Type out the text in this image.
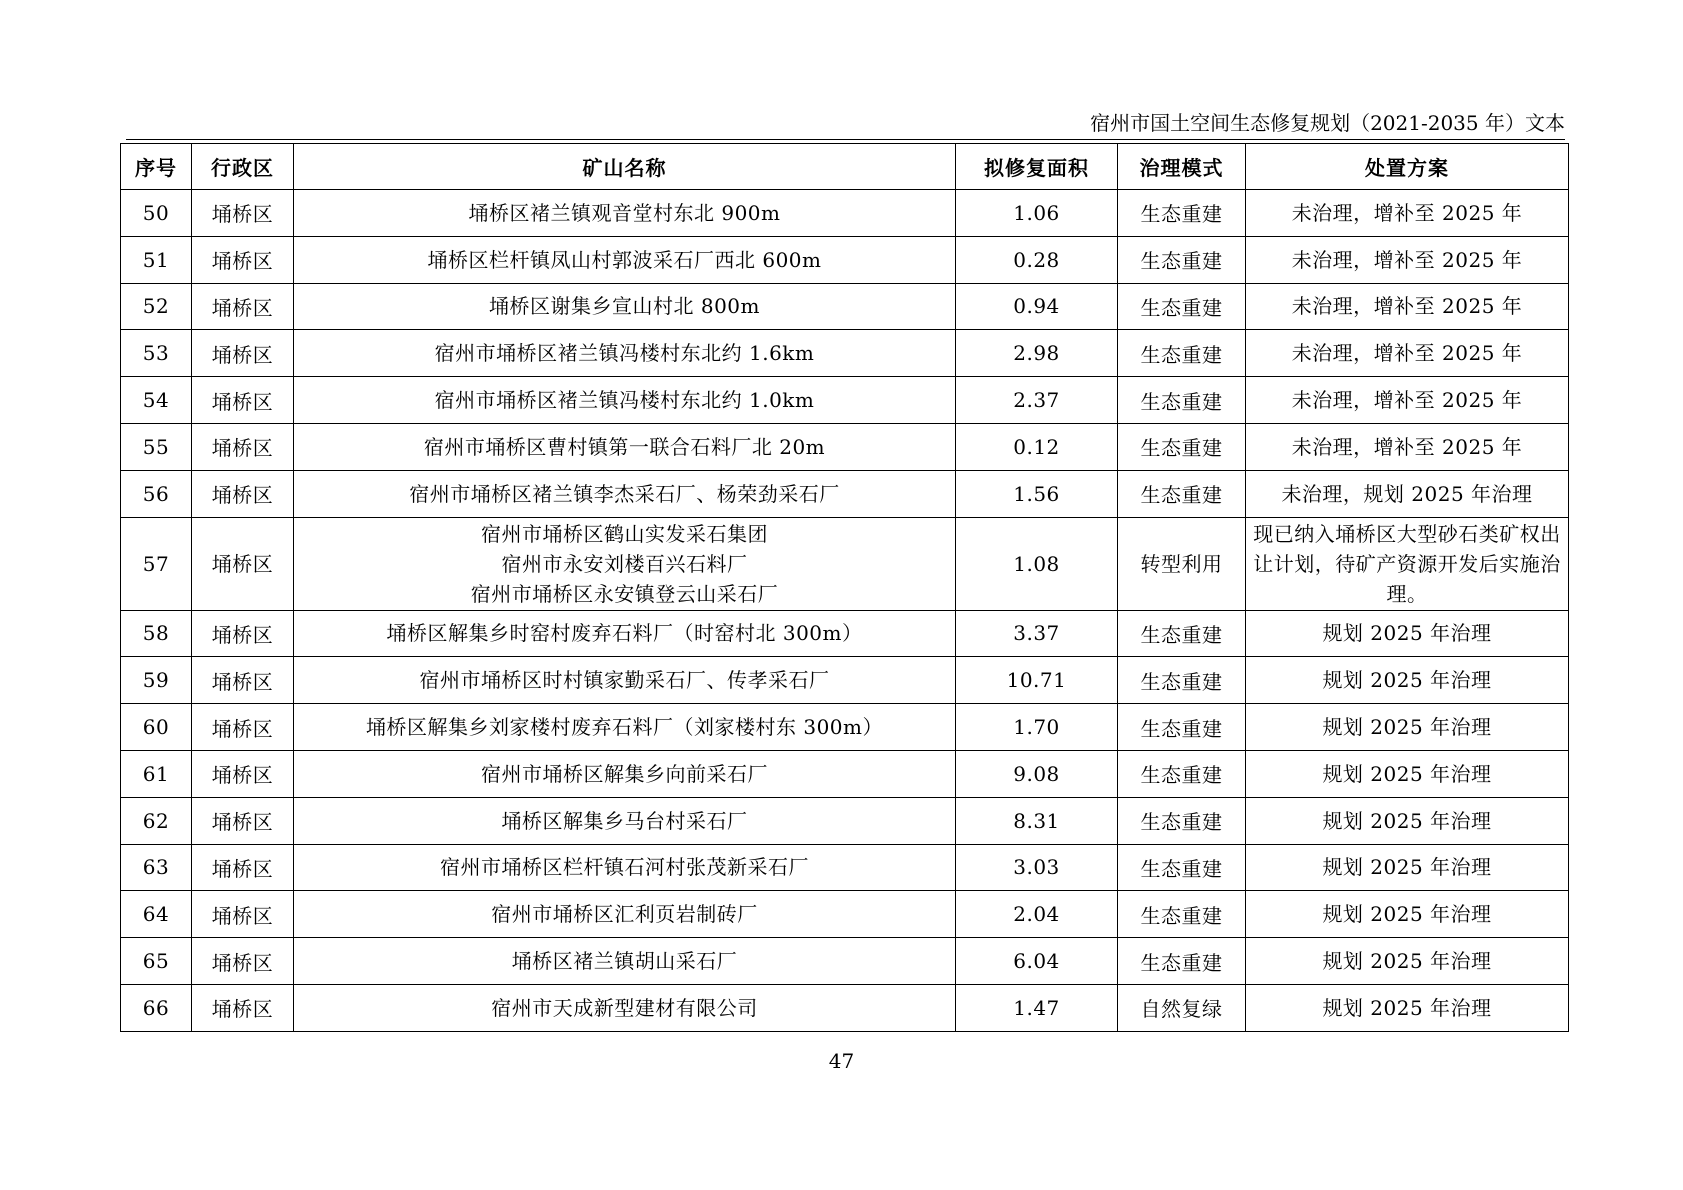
宿州市国土空间生态修复规划（2021-2035 年）文本
序号	行政区	矿山名称	拟修复面积	治理模式	处置方案
50	埇桥区	埇桥区褚兰镇观音堂村东北 900m	1.06	生态重建	未治理，增补至 2025 年
51	埇桥区	埇桥区栏杆镇凤山村郭波采石厂西北 600m	0.28	生态重建	未治理，增补至 2025 年
52	埇桥区	埇桥区谢集乡宣山村北 800m	0.94	生态重建	未治理，增补至 2025 年
53	埇桥区	宿州市埇桥区褚兰镇冯楼村东北约 1.6km	2.98	生态重建	未治理，增补至 2025 年
54	埇桥区	宿州市埇桥区褚兰镇冯楼村东北约 1.0km	2.37	生态重建	未治理，增补至 2025 年
55	埇桥区	宿州市埇桥区曹村镇第一联合石料厂北 20m	0.12	生态重建	未治理，增补至 2025 年
56	埇桥区	宿州市埇桥区褚兰镇李杰采石厂、杨荣劲采石厂	1.56	生态重建	未治理，规划 2025 年治理
57	埇桥区	宿州市埇桥区鹤山实发采石集团
宿州市永安刘楼百兴石料厂
宿州市埇桥区永安镇登云山采石厂	1.08	转型利用	现已纳入埇桥区大型砂石类矿权出让计划，待矿产资源开发后实施治理。
58	埇桥区	埇桥区解集乡时窑村废弃石料厂（时窑村北 300m）	3.37	生态重建	规划 2025 年治理
59	埇桥区	宿州市埇桥区时村镇家勤采石厂、传孝采石厂	10.71	生态重建	规划 2025 年治理
60	埇桥区	埇桥区解集乡刘家楼村废弃石料厂（刘家楼村东 300m）	1.70	生态重建	规划 2025 年治理
61	埇桥区	宿州市埇桥区解集乡向前采石厂	9.08	生态重建	规划 2025 年治理
62	埇桥区	埇桥区解集乡马台村采石厂	8.31	生态重建	规划 2025 年治理
63	埇桥区	宿州市埇桥区栏杆镇石河村张茂新采石厂	3.03	生态重建	规划 2025 年治理
64	埇桥区	宿州市埇桥区汇利页岩制砖厂	2.04	生态重建	规划 2025 年治理
65	埇桥区	埇桥区褚兰镇胡山采石厂	6.04	生态重建	规划 2025 年治理
66	埇桥区	宿州市天成新型建材有限公司	1.47	自然复绿	规划 2025 年治理
47
